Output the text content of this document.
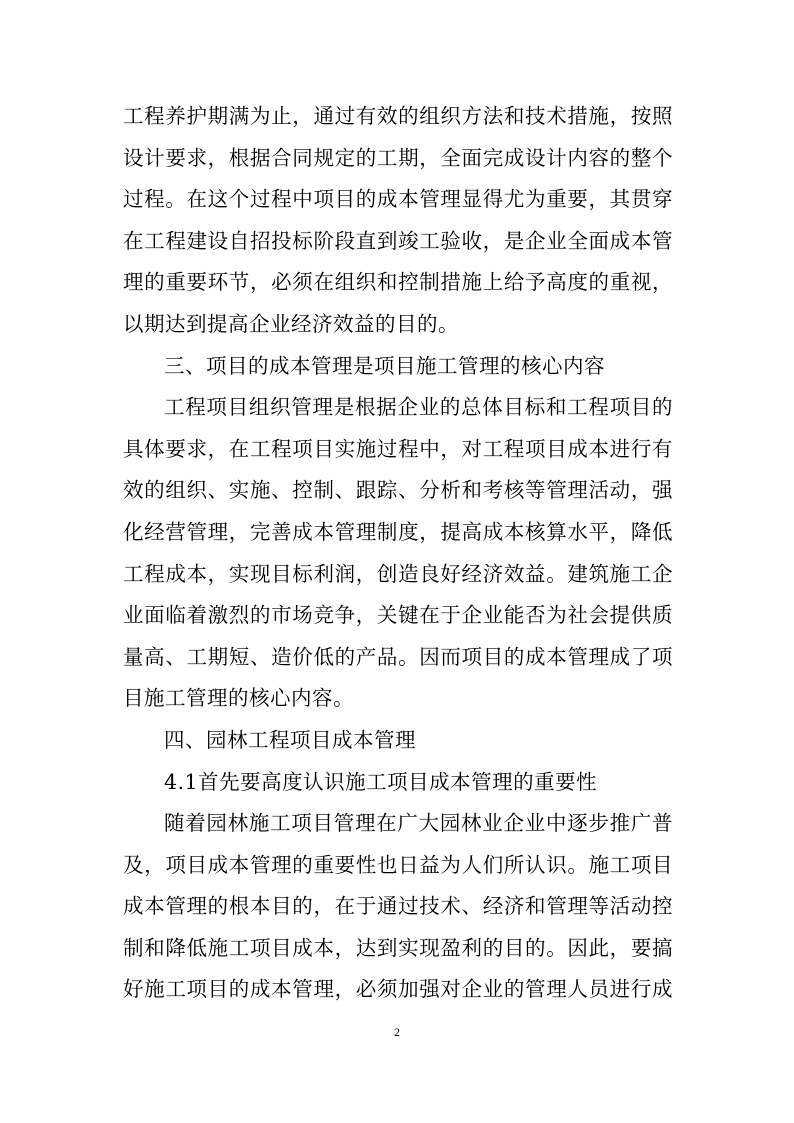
工程养护期满为止，通过有效的组织方法和技术措施，按照
设计要求，根据合同规定的工期，全面完成设计内容的整个
过程。在这个过程中项目的成本管理显得尤为重要，其贯穿
在工程建设自招投标阶段直到竣工验收，是企业全面成本管
理的重要环节，必须在组织和控制措施上给予高度的重视，
以期达到提高企业经济效益的目的。
三、项目的成本管理是项目施工管理的核心内容
工程项目组织管理是根据企业的总体目标和工程项目的
具体要求，在工程项目实施过程中，对工程项目成本进行有
效的组织、实施、控制、跟踪、分析和考核等管理活动，强
化经营管理，完善成本管理制度，提高成本核算水平，降低
工程成本，实现目标利润，创造良好经济效益。建筑施工企
业面临着激烈的市场竞争，关键在于企业能否为社会提供质
量高、工期短、造价低的产品。因而项目的成本管理成了项
目施工管理的核心内容。
四、园林工程项目成本管理
4.1首先要高度认识施工项目成本管理的重要性
随着园林施工项目管理在广大园林业企业中逐步推广普
及，项目成本管理的重要性也日益为人们所认识。施工项目
成本管理的根本目的，在于通过技术、经济和管理等活动控
制和降低施工项目成本，达到实现盈利的目的。因此，要搞
好施工项目的成本管理，必须加强对企业的管理人员进行成
2
